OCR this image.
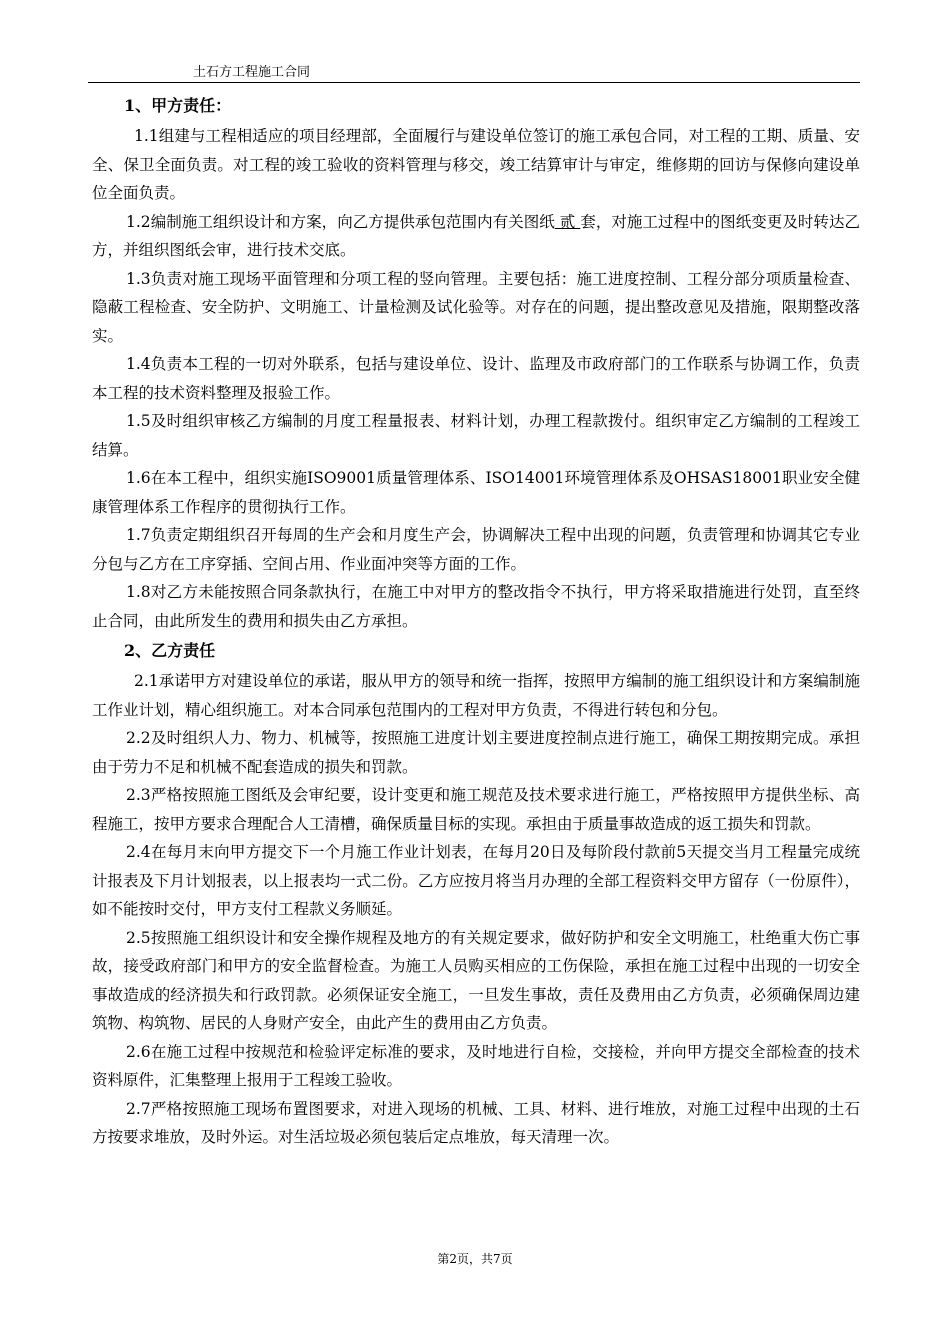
土石方工程施工合同
1、甲方责任：

1.1组建与工程相适应的项目经理部，全面履行与建设单位签订的施工承包合同，对工程的工期、质量、安全、保卫全面负责。对工程的竣工验收的资料管理与移交，竣工结算审计与审定，维修期的回访与保修向建设单位全面负责。

1.2编制施工组织设计和方案，向乙方提供承包范围内有关图纸 贰 套，对施工过程中的图纸变更及时转达乙方，并组织图纸会审，进行技术交底。

1.3负责对施工现场平面管理和分项工程的竖向管理。主要包括：施工进度控制、工程分部分项质量检查、隐蔽工程检查、安全防护、文明施工、计量检测及试化验等。对存在的问题，提出整改意见及措施，限期整改落实。

1.4负责本工程的一切对外联系，包括与建设单位、设计、监理及市政府部门的工作联系与协调工作，负责本工程的技术资料整理及报验工作。

1.5及时组织审核乙方编制的月度工程量报表、材料计划，办理工程款拨付。组织审定乙方编制的工程竣工结算。

1.6在本工程中，组织实施ISO9001质量管理体系、ISO14001环境管理体系及OHSAS18001职业安全健康管理体系工作程序的贯彻执行工作。

1.7负责定期组织召开每周的生产会和月度生产会，协调解决工程中出现的问题，负责管理和协调其它专业分包与乙方在工序穿插、空间占用、作业面冲突等方面的工作。

1.8对乙方未能按照合同条款执行，在施工中对甲方的整改指令不执行，甲方将采取措施进行处罚，直至终止合同，由此所发生的费用和损失由乙方承担。

2、乙方责任

2.1承诺甲方对建设单位的承诺，服从甲方的领导和统一指挥，按照甲方编制的施工组织设计和方案编制施工作业计划，精心组织施工。对本合同承包范围内的工程对甲方负责，不得进行转包和分包。

2.2及时组织人力、物力、机械等，按照施工进度计划主要进度控制点进行施工，确保工期按期完成。承担由于劳力不足和机械不配套造成的损失和罚款。

2.3严格按照施工图纸及会审纪要，设计变更和施工规范及技术要求进行施工，严格按照甲方提供坐标、高程施工，按甲方要求合理配合人工清槽，确保质量目标的实现。承担由于质量事故造成的返工损失和罚款。

2.4在每月末向甲方提交下一个月施工作业计划表，在每月20日及每阶段付款前5天提交当月工程量完成统计报表及下月计划报表，以上报表均一式二份。乙方应按月将当月办理的全部工程资料交甲方留存（一份原件），如不能按时交付，甲方支付工程款义务顺延。

2.5按照施工组织设计和安全操作规程及地方的有关规定要求，做好防护和安全文明施工，杜绝重大伤亡事故，接受政府部门和甲方的安全监督检查。为施工人员购买相应的工伤保险，承担在施工过程中出现的一切安全事故造成的经济损失和行政罚款。必须保证安全施工，一旦发生事故，责任及费用由乙方负责，必须确保周边建筑物、构筑物、居民的人身财产安全，由此产生的费用由乙方负责。

2.6在施工过程中按规范和检验评定标准的要求，及时地进行自检，交接检，并向甲方提交全部检查的技术资料原件，汇集整理上报用于工程竣工验收。

2.7严格按照施工现场布置图要求，对进入现场的机械、工具、材料、进行堆放，对施工过程中出现的土石方按要求堆放，及时外运。对生活垃圾必须包装后定点堆放，每天清理一次。

第2页，共7页
